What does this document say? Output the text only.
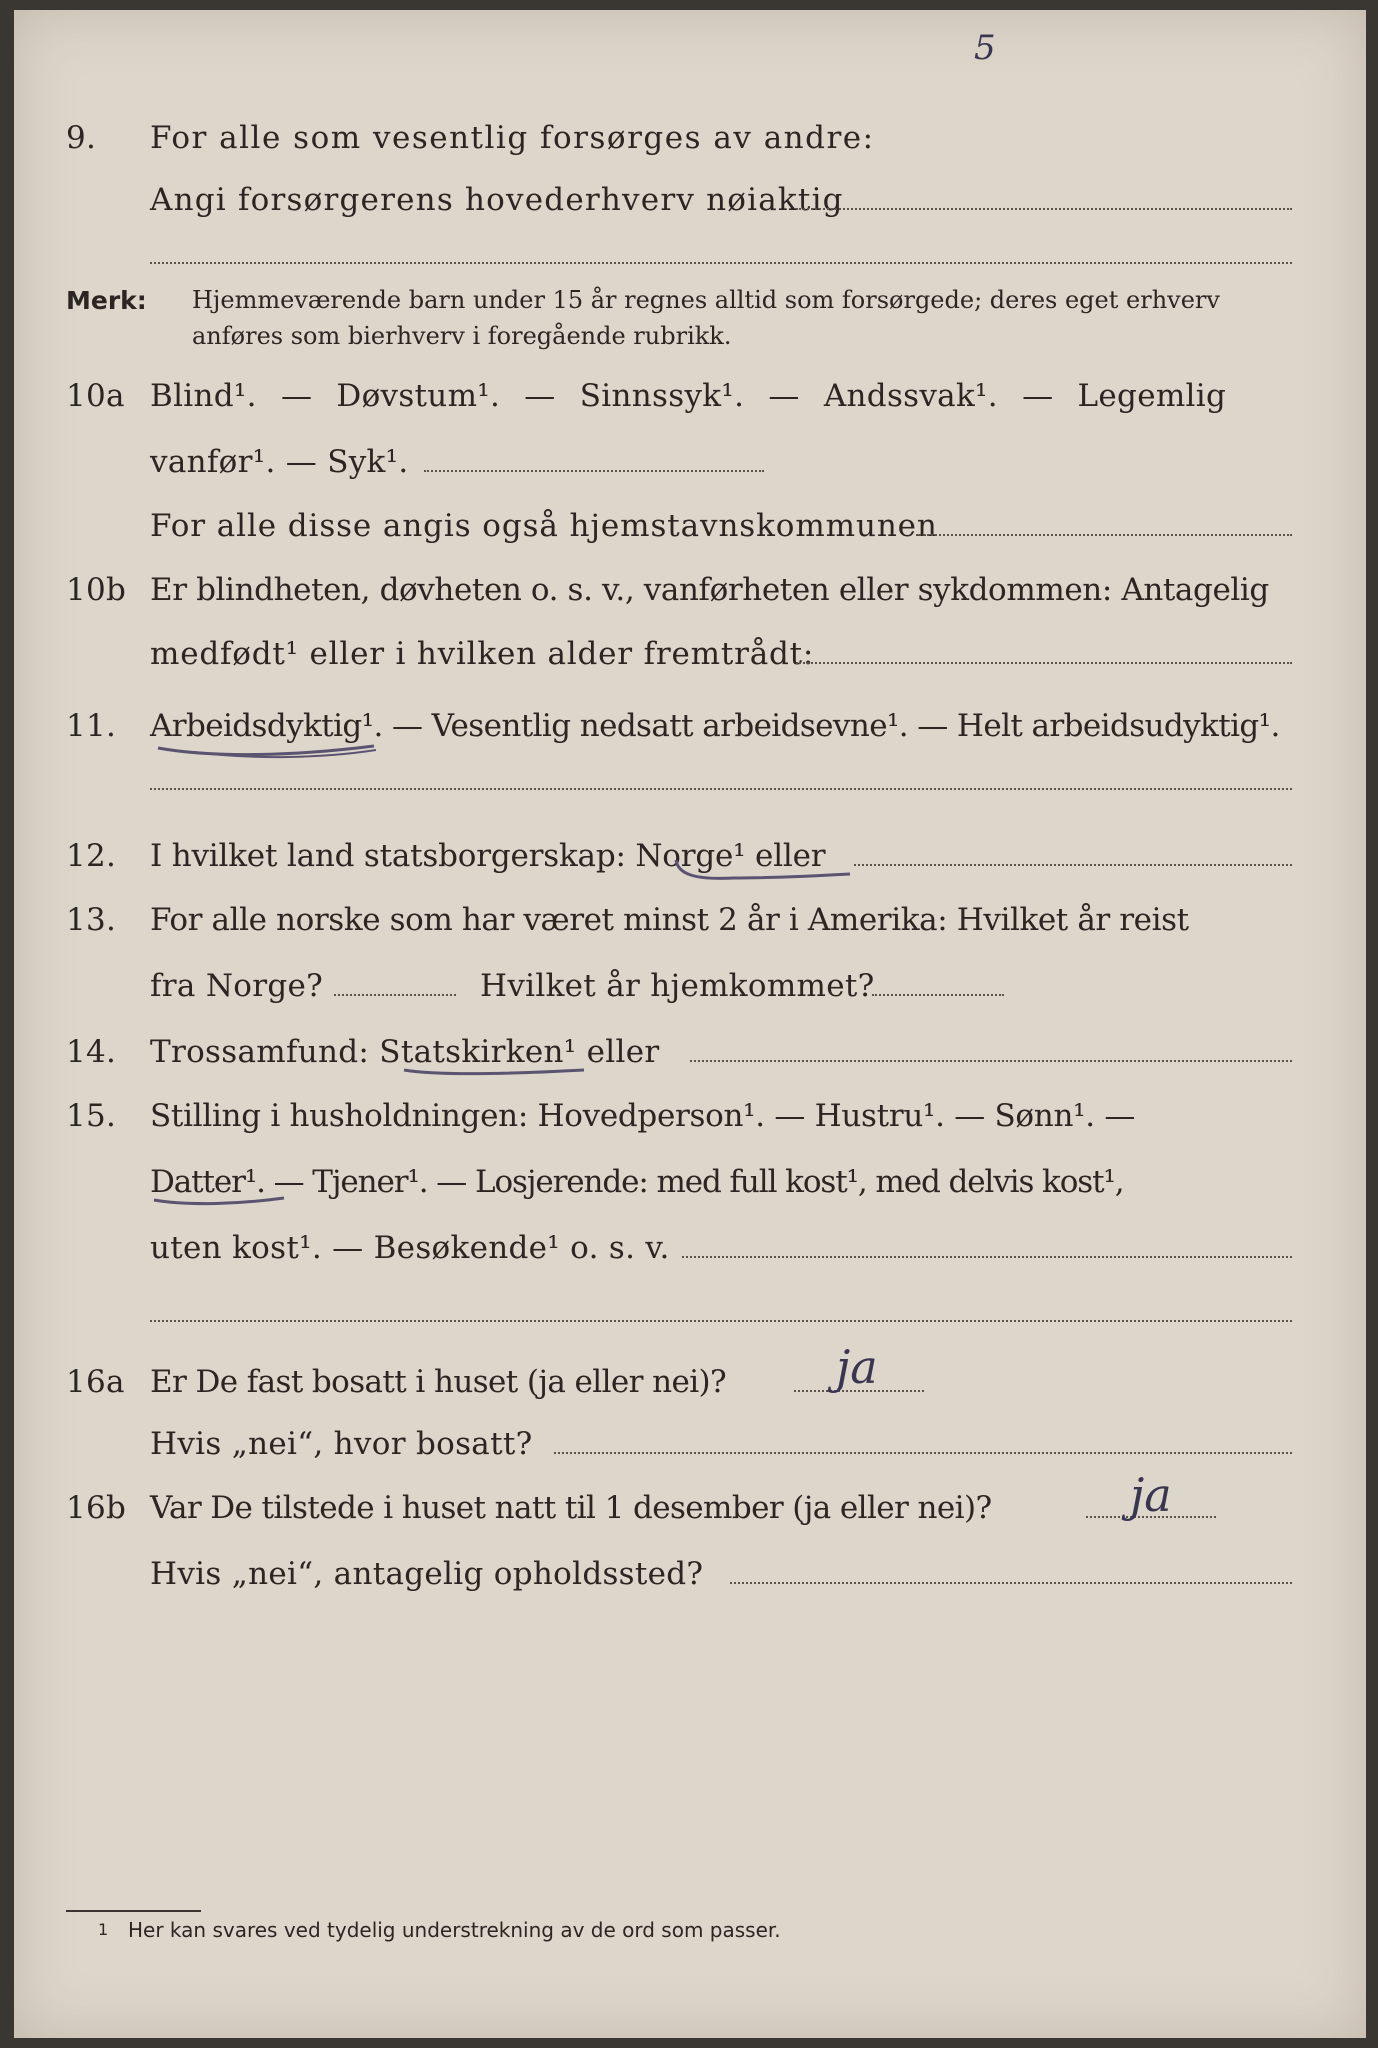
5
9. For alle som vesentlig forsørges av andre:
Angi forsørgerens hovederhverv nøiaktig
Merk: Hjemmeværende barn under 15 år regnes alltid som forsørgede; deres eget erhverv
anføres som bierhverv i foregående rubrikk.
10a Blind¹. — Døvstum¹. — Sinnssyk¹. — Andssvak¹. — Legemlig
vanfør¹. — Syk¹.
For alle disse angis også hjemstavnskommunen
10b Er blindheten, døvheten o. s. v., vanførheten eller sykdommen: Antagelig
medfødt¹ eller i hvilken alder fremtrådt:
11. Arbeidsdyktig¹. — Vesentlig nedsatt arbeidsevne¹. — Helt arbeidsudyktig¹.
12. I hvilket land statsborgerskap: Norge¹ eller
13. For alle norske som har været minst 2 år i Amerika: Hvilket år reist
fra Norge?	Hvilket år hjemkommet?
14. Trossamfund: Statskirken¹ eller
15. Stilling i husholdningen: Hovedperson¹. — Hustru¹. — Sønn¹. —
Datter¹. — Tjener¹. — Losjerende: med full kost¹, med delvis kost¹,
uten kost¹. — Besøkende¹ o. s. v.
16a Er De fast bosatt i huset (ja eller nei)? ja
Hvis „nei“, hvor bosatt?
16b Var De tilstede i huset natt til 1 desember (ja eller nei)?	ja
Hvis „nei“, antagelig opholdssted?
1 Her kan svares ved tydelig understrekning av de ord som passer.
